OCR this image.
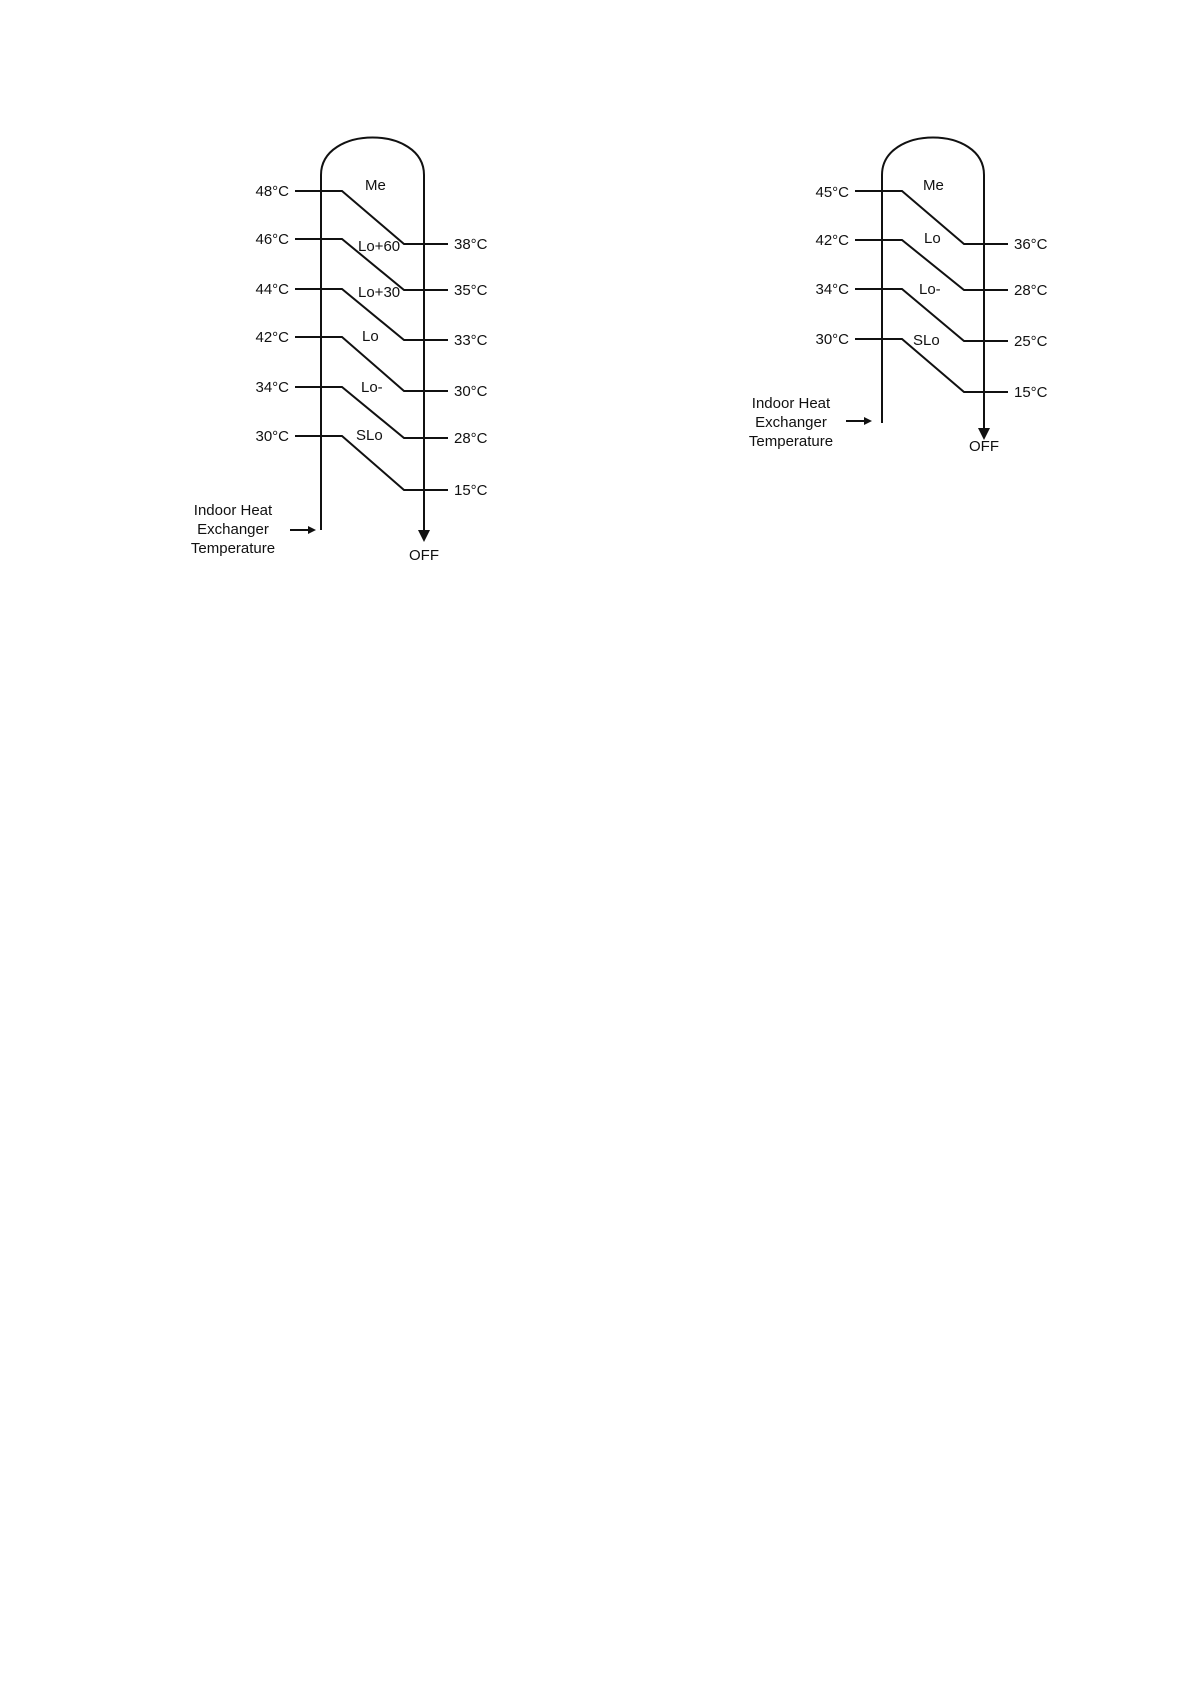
48°C
46°C
44°C
42°C
34°C
30°C
Me
Lo+60
Lo+30
Lo
Lo-
SLo
38°C
35°C
33°C
30°C
28°C
15°C
Indoor Heat
Exchanger
Temperature	OFF
45°C
42°C
34°C
30°C
Me
Lo
Lo-
SLo
36°C
28°C
25°C
15°C
Indoor Heat
Exchanger
Temperature	OFF
